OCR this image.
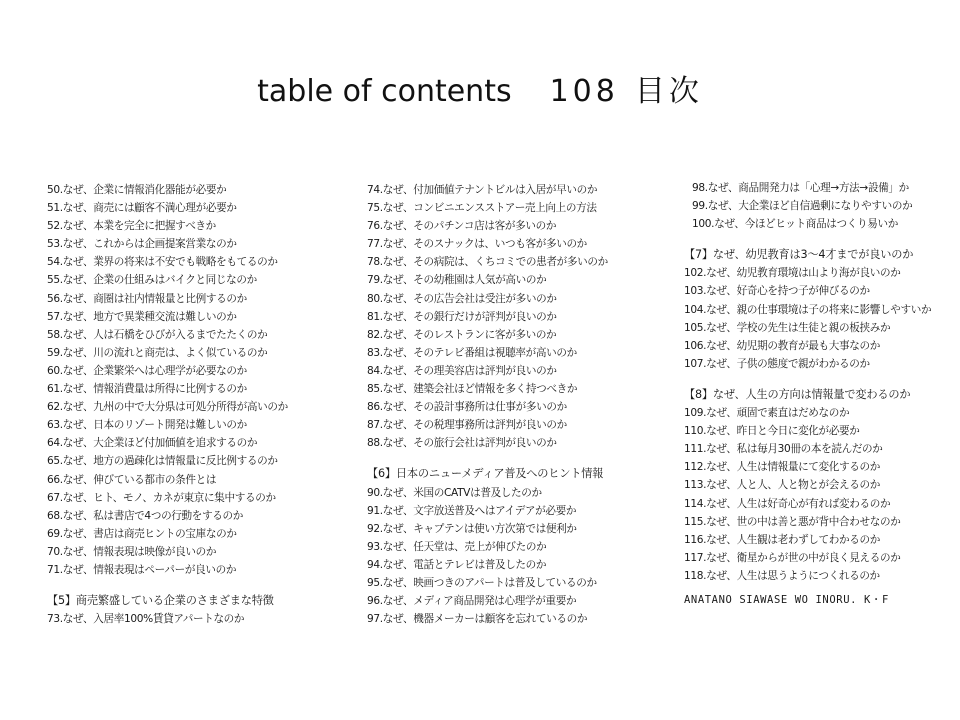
table of contents 108 目次
50.なぜ、企業に情報消化器能が必要か
51.なぜ、商売には顧客不満心理が必要か
52.なぜ、本業を完全に把握すべきか
53.なぜ、これからは企画提案営業なのか
54.なぜ、業界の将来は不安でも戦略をもてるのか
55.なぜ、企業の仕組みはバイクと同じなのか
56.なぜ、商圏は社内情報量と比例するのか
57.なぜ、地方で異業種交流は難しいのか
58.なぜ、人は石橋をひびが入るまでたたくのか
59.なぜ、川の流れと商売は、よく似ているのか
60.なぜ、企業繁栄へは心理学が必要なのか
61.なぜ、情報消費量は所得に比例するのか
62.なぜ、九州の中で大分県は可処分所得が高いのか
63.なぜ、日本のリゾート開発は難しいのか
64.なぜ、大企業ほど付加価値を追求するのか
65.なぜ、地方の過疎化は情報量に反比例するのか
66.なぜ、伸びている都市の条件とは
67.なぜ、ヒト、モノ、カネが東京に集中するのか
68.なぜ、私は書店で4つの行動をするのか
69.なぜ、書店は商売ヒントの宝庫なのか
70.なぜ、情報表現は映像が良いのか
71.なぜ、情報表現はペーパーが良いのか
【5】商売繁盛している企業のさまざまな特徴
73.なぜ、入居率100%賃貸アパートなのか
74.なぜ、付加価値テナントビルは入居が早いのか
75.なぜ、コンビニエンスストアー売上向上の方法
76.なぜ、そのパチンコ店は客が多いのか
77.なぜ、そのスナックは、いつも客が多いのか
78.なぜ、その病院は、くちコミでの患者が多いのか
79.なぜ、その幼稚園は人気が高いのか
80.なぜ、その広告会社は受注が多いのか
81.なぜ、その銀行だけが評判が良いのか
82.なぜ、そのレストランに客が多いのか
83.なぜ、そのテレビ番組は視聴率が高いのか
84.なぜ、その理美容店は評判が良いのか
85.なぜ、建築会社ほど情報を多く持つべきか
86.なぜ、その設計事務所は仕事が多いのか
87.なぜ、その税理事務所は評判が良いのか
88.なぜ、その旅行会社は評判が良いのか
【6】日本のニューメディア普及へのヒント情報
90.なぜ、米国のCATVは普及したのか
91.なぜ、文字放送普及へはアイデアが必要か
92.なぜ、キャプテンは使い方次第では便利か
93.なぜ、任天堂は、売上が伸びたのか
94.なぜ、電話とテレビは普及したのか
95.なぜ、映画つきのアパートは普及しているのか
96.なぜ、メディア商品開発は心理学が重要か
97.なぜ、機器メーカーは顧客を忘れているのか
98.なぜ、商品開発力は「心理→方法→設備」か
99.なぜ、大企業ほど自信過剰になりやすいのか
100.なぜ、今ほどヒット商品はつくり易いか
【7】なぜ、幼児教育は3～4才までが良いのか
102.なぜ、幼児教育環境は山より海が良いのか
103.なぜ、好奇心を持つ子が伸びるのか
104.なぜ、親の仕事環境は子の将来に影響しやすいか
105.なぜ、学校の先生は生徒と親の板挟みか
106.なぜ、幼児期の教育が最も大事なのか
107.なぜ、子供の態度で親がわかるのか
【8】なぜ、人生の方向は情報量で変わるのか
109.なぜ、頑固で素直はだめなのか
110.なぜ、昨日と今日に変化が必要か
111.なぜ、私は毎月30冊の本を読んだのか
112.なぜ、人生は情報量にて変化するのか
113.なぜ、人と人、人と物とが会えるのか
114.なぜ、人生は好奇心が有れば変わるのか
115.なぜ、世の中は善と悪が背中合わせなのか
116.なぜ、人生観は老わずしてわかるのか
117.なぜ、衛星からが世の中が良く見えるのか
118.なぜ、人生は思うようにつくれるのか
ANATANO SIAWASE WO INORU. K・F
